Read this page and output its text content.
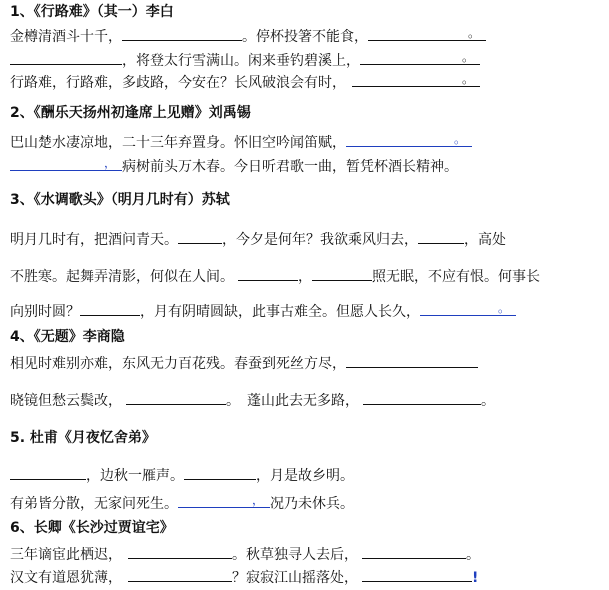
1、《行路难》（其一）李白
金樽清酒斗十千，	。停杯投箸不能食，	。
，将登太行雪满山。闲来垂钓碧溪上，	。
行路难，行路难，多歧路，今安在？长风破浪会有时，	。
2、《酬乐天扬州初逢席上见赠》刘禹锡
巴山楚水凄凉地，二十三年弃置身。怀旧空吟闻笛赋，	。
， 病树前头万木春。今日听君歌一曲，暂凭杯酒长精神。
3、《水调歌头》（明月几时有）苏轼
明月几时有，把酒问青天。	，今夕是何年？我欲乘风归去，	，高处
不胜寒。起舞弄清影，何似在人间。	，	照无眠，不应有恨。何事长
向别时圆？	，月有阴晴圆缺，此事古难全。但愿人长久，	。
4、《无题》李商隐
相见时难别亦难，东风无力百花残。春蚕到死丝方尽，
晓镜但愁云鬓改，	。　蓬山此去无多路，	。
5. 杜甫《月夜忆舍弟》
，边秋一雁声。	，月是故乡明。
有弟皆分散，无家问死生。	， 况乃未休兵。
6、长卿《长沙过贾谊宅》
三年谪宦此栖迟，	。秋草独寻人去后，	。
汉文有道恩犹薄，	？寂寂江山摇落处，	!
